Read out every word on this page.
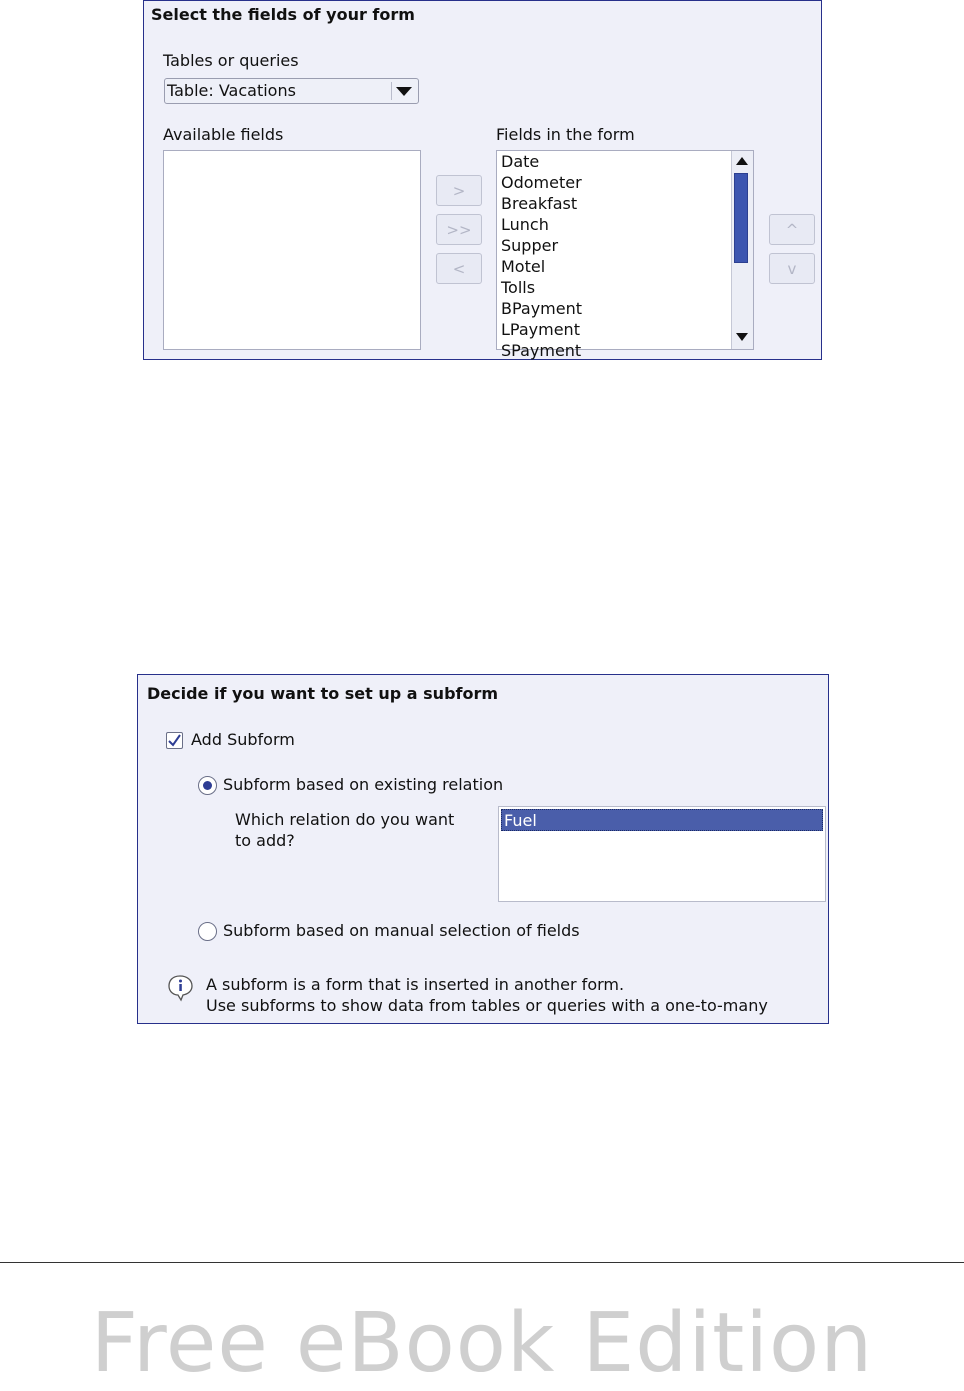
Select the fields of your form
Tables or queries
Table: Vacations
Available fields
>
>>
<
Fields in the form
Date
Odometer
Breakfast
Lunch
Supper
Motel
Tolls
BPayment
LPayment
SPayment
^
v
Decide if you want to set up a subform
Add Subform
Subform based on existing relation
Which relation do you want to add?
Fuel
Subform based on manual selection of fields
A subform is a form that is inserted in another form.
Use subforms to show data from tables or queries with a one-to-many
Free eBook Edition
